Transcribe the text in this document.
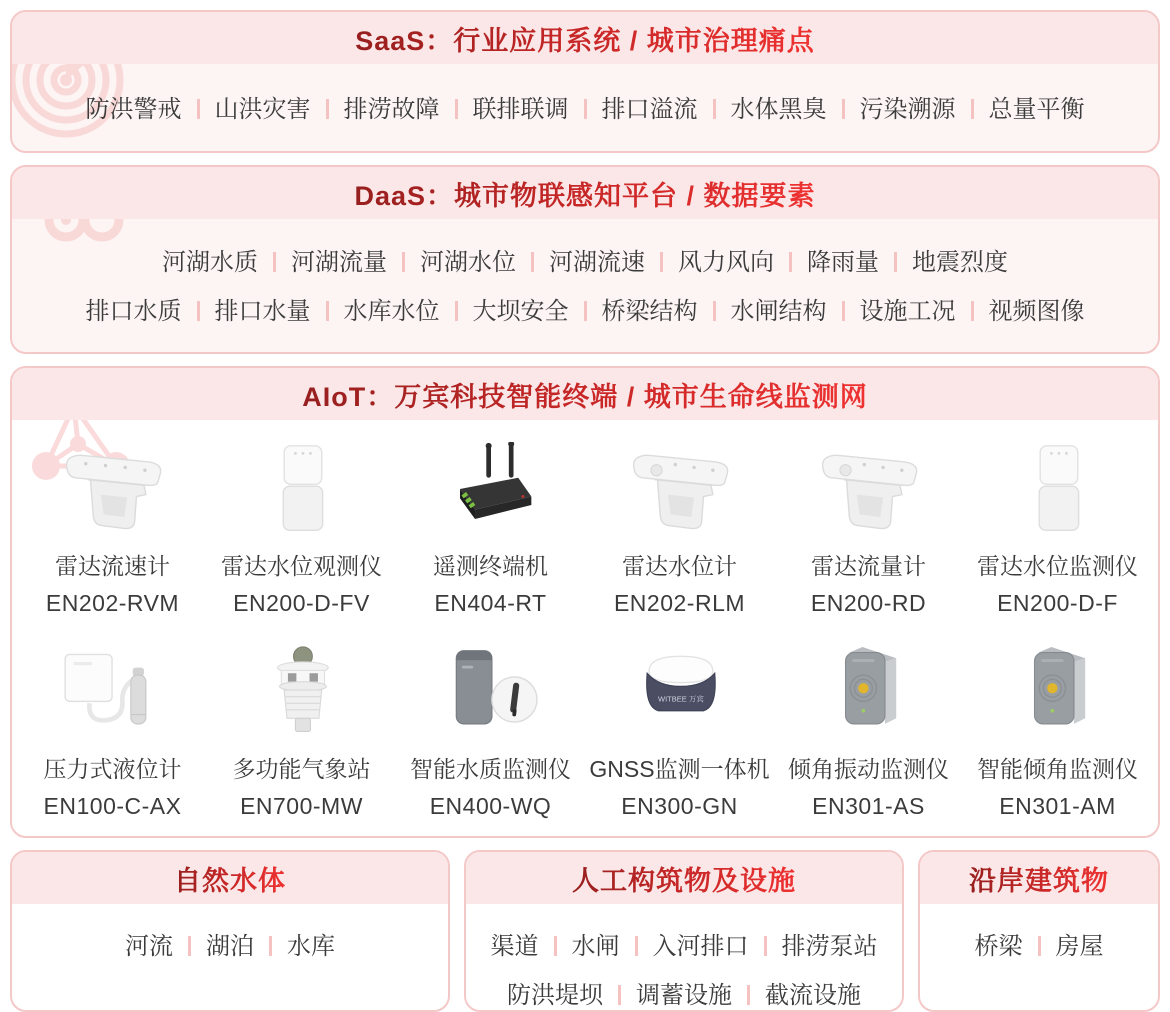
SaaS：行业应用系统 / 城市治理痛点
防洪警戒	山洪灾害	排涝故障	联排联调	排口溢流	水体黑臭	污染溯源	总量平衡
DaaS：城市物联感知平台 / 数据要素
河湖水质	河湖流量	河湖水位	河湖流速	风力风向	降雨量	地震烈度
排口水质	排口水量	水库水位	大坝安全	桥梁结构	水闸结构	设施工况	视频图像
AIoT：万宾科技智能终端 / 城市生命线监测网
雷达流速计
EN202-RVM
雷达水位观测仪
EN200-D-FV
遥测终端机
EN404-RT
雷达水位计
EN202-RLM
雷达流量计
EN200-RD
雷达水位监测仪
EN200-D-F
压力式液位计
EN100-C-AX
多功能气象站
EN700-MW
智能水质监测仪
EN400-WQ
WITBEE 万宾
GNSS监测一体机
EN300-GN
倾角振动监测仪
EN301-AS
智能倾角监测仪
EN301-AM
自然水体
河流	湖泊	水库
人工构筑物及设施
渠道	水闸	入河排口	排涝泵站
防洪堤坝	调蓄设施	截流设施
沿岸建筑物
桥梁	房屋
